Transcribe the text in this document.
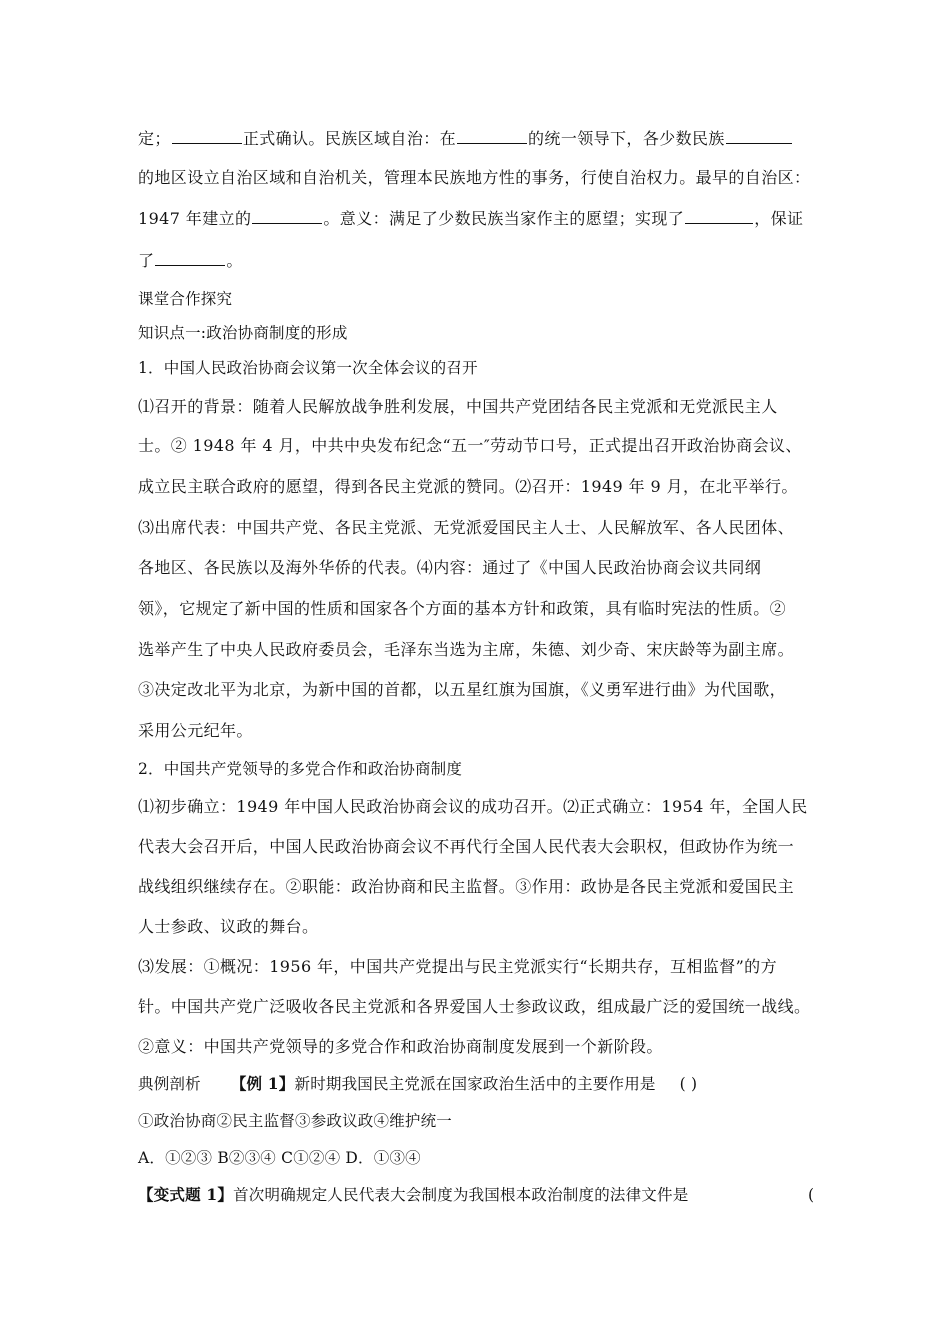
定；	正式确认。民族区域自治：在	的统一领导下，各少数民族
的地区设立自治区域和自治机关，管理本民族地方性的事务，行使自治权力。最早的自治区：
1947 年建立的	。意义：满足了少数民族当家作主的愿望；实现了	，保证
了	。
课堂合作探究
知识点一:政治协商制度的形成
1．中国人民政治协商会议第一次全体会议的召开
⑴召开的背景：随着人民解放战争胜利发展，中国共产党团结各民主党派和无党派民主人
士。② 1948 年 4 月，中共中央发布纪念“五一″劳动节口号，正式提出召开政治协商会议、
成立民主联合政府的愿望，得到各民主党派的赞同。⑵召开：1949 年 9 月，在北平举行。
⑶出席代表：中国共产党、各民主党派、无党派爱国民主人士、人民解放军、各人民团体、
各地区、各民族以及海外华侨的代表。⑷内容：通过了《中国人民政治协商会议共同纲
领》，它规定了新中国的性质和国家各个方面的基本方针和政策，具有临时宪法的性质。②
选举产生了中央人民政府委员会，毛泽东当选为主席，朱德、刘少奇、宋庆龄等为副主席。
③决定改北平为北京，为新中国的首都，以五星红旗为国旗，《义勇军进行曲》为代国歌，
采用公元纪年。
2．中国共产党领导的多党合作和政治协商制度
⑴初步确立：1949 年中国人民政治协商会议的成功召开。⑵正式确立：1954 年，全国人民
代表大会召开后，中国人民政治协商会议不再代行全国人民代表大会职权，但政协作为统一
战线组织继续存在。②职能：政治协商和民主监督。③作用：政协是各民主党派和爱国民主
人士参政、议政的舞台。
⑶发展：①概况：1956 年，中国共产党提出与民主党派实行“长期共存，互相监督”的方
针。中国共产党广泛吸收各民主党派和各界爱国人士参政议政，组成最广泛的爱国统一战线。
②意义：中国共产党领导的多党合作和政治协商制度发展到一个新阶段。
典例剖析 【例 1】新时期我国民主党派在国家政治生活中的主要作用是 ( )
①政治协商②民主监督③参政议政④维护统一
A．①②③ B②③④ C①②④ D．①③④
【变式题 1】首次明确规定人民代表大会制度为我国根本政治制度的法律文件是	(
